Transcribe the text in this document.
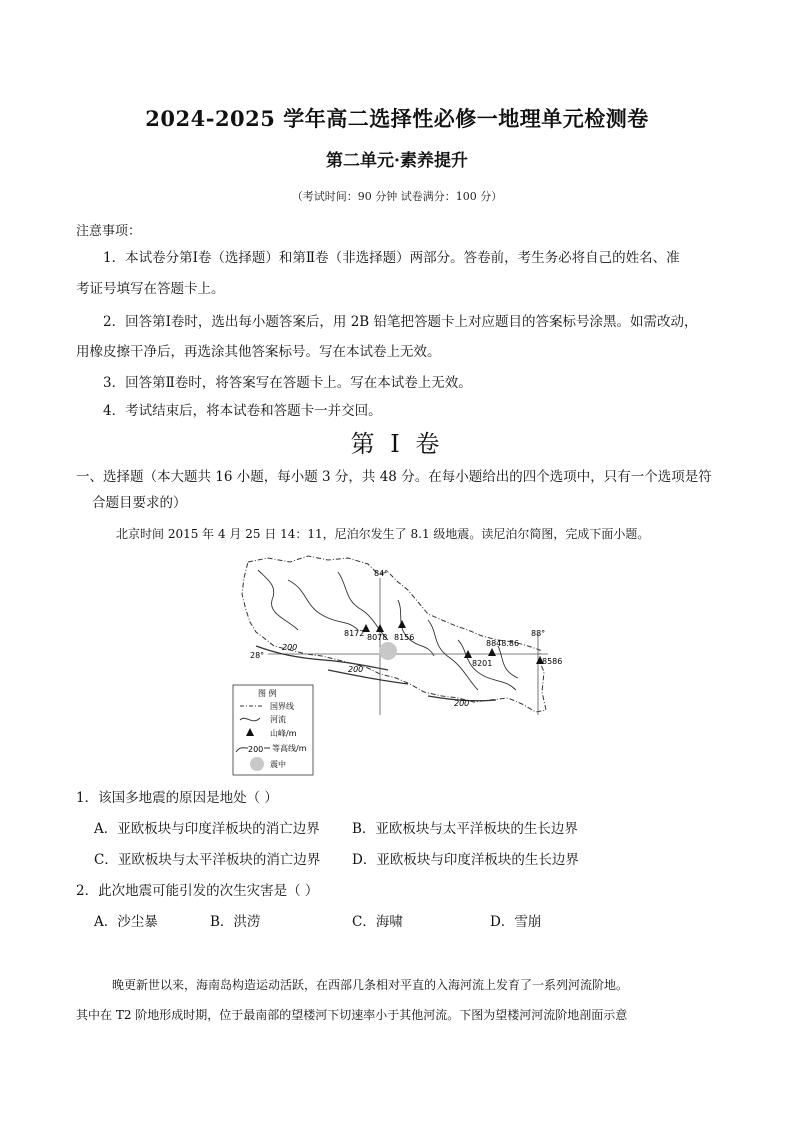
2024-2025 学年高二选择性必修一地理单元检测卷
第二单元·素养提升
（考试时间：90 分钟 试卷满分：100 分）
注意事项：
1．本试卷分第Ⅰ卷（选择题）和第Ⅱ卷（非选择题）两部分。答卷前，考生务必将自己的姓名、准
考证号填写在答题卡上。
2．回答第Ⅰ卷时，选出每小题答案后，用 2B 铅笔把答题卡上对应题目的答案标号涂黑。如需改动，
用橡皮擦干净后，再选涂其他答案标号。写在本试卷上无效。
3．回答第Ⅱ卷时，将答案写在答题卡上。写在本试卷上无效。
4．考试结束后，将本试卷和答题卡一并交回。
第 I 卷
一、选择题（本大题共 16 小题，每小题 3 分，共 48 分。在每小题给出的四个选项中，只有一个选项是符
合题目要求的）
北京时间 2015 年 4 月 25 日 14：11，尼泊尔发生了 8.1 级地震。读尼泊尔简图，完成下面小题。
84°
88°
28°
200
200
200
8172 8078 8156
8848.86
8201	8586
图 例
国界线
河流
山峰/m
200 等高线/m
震中
1．该国多地震的原因是地处（ ）
A．亚欧板块与印度洋板块的消亡边界 B．亚欧板块与太平洋板块的生长边界
C．亚欧板块与太平洋板块的消亡边界 D．亚欧板块与印度洋板块的生长边界
2．此次地震可能引发的次生灾害是（ ）
A．沙尘暴	B．洪涝	C．海啸	D．雪崩
晚更新世以来，海南岛构造运动活跃，在西部几条相对平直的入海河流上发育了一系列河流阶地。
其中在 T2 阶地形成时期，位于最南部的望楼河下切速率小于其他河流。下图为望楼河河流阶地剖面示意
